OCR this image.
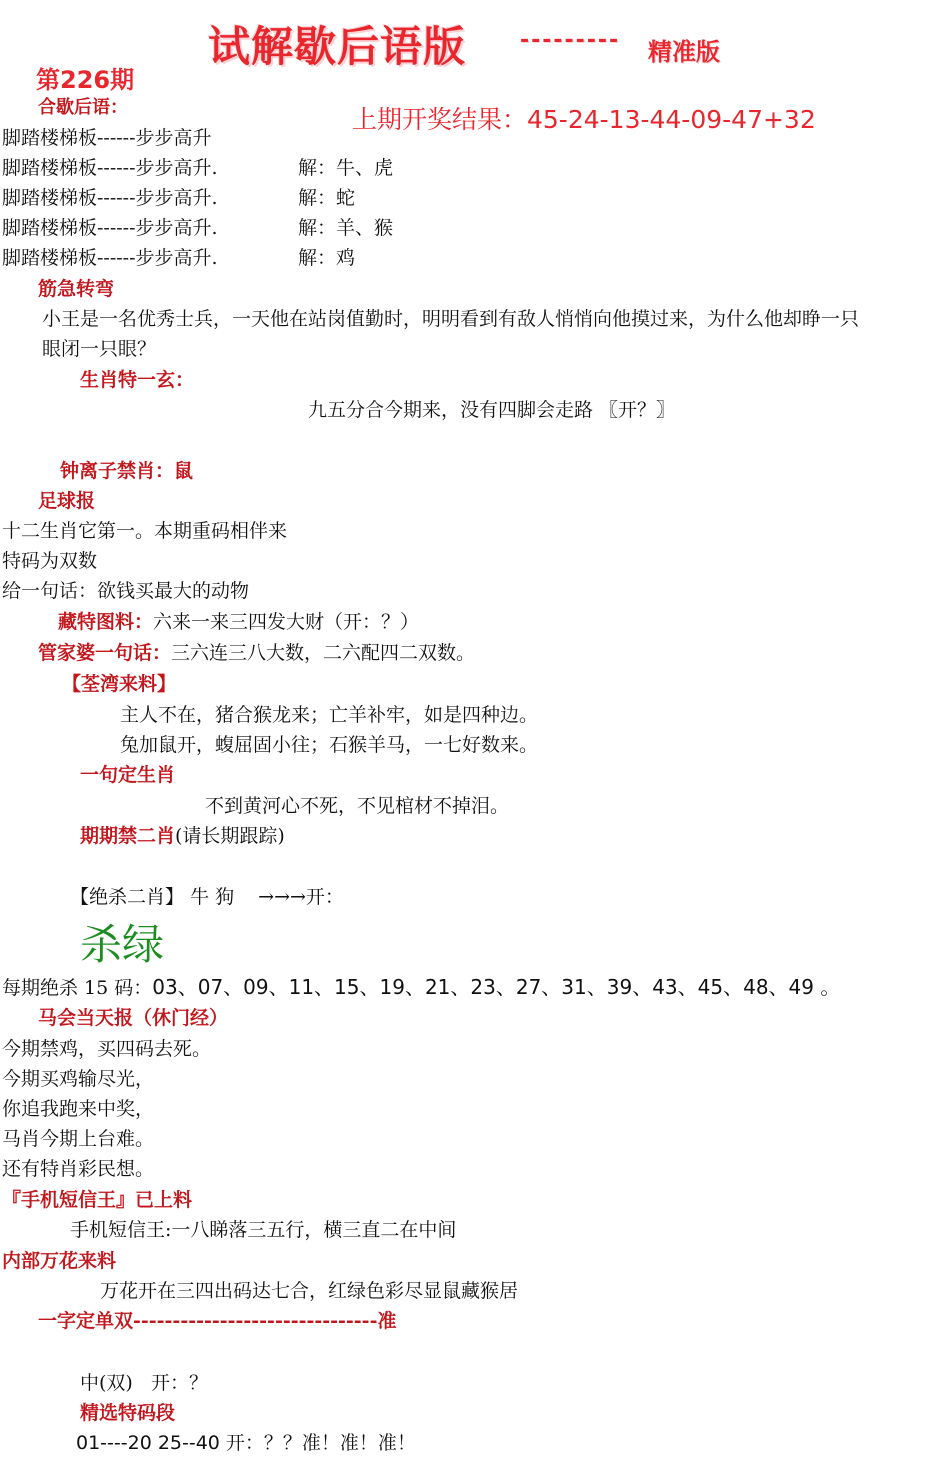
试解歇后语版 --------- 精准版
第226期
上期开奖结果：45-24-13-44-09-47+32
合歇后语：
脚踏楼梯板------步步高升
脚踏楼梯板------步步高升.	解：牛、虎
脚踏楼梯板------步步高升.	解：蛇
脚踏楼梯板------步步高升.	解：羊、猴
脚踏楼梯板------步步高升.	解：鸡
筋急转弯
小王是一名优秀士兵，一天他在站岗值勤时，明明看到有敌人悄悄向他摸过来，为什么他却睁一只
眼闭一只眼？
生肖特一玄：
九五分合今期来，没有四脚会走路 〖开？〗
钟离子禁肖：鼠
足球报
十二生肖它第一。本期重码相伴来
特码为双数
给一句话：欲钱买最大的动物
藏特图料：六来一来三四发大财（开：？）
管家婆一句话：三六连三八大数，二六配四二双数。
【荃湾来料】
主人不在，猪合猴龙来；亡羊补牢，如是四种边。
兔加鼠开，蝮屈固小往；石猴羊马，一七好数来。
一句定生肖
不到黄河心不死，不见棺材不掉泪。
期期禁二肖(请长期跟踪)
【绝杀二肖】 牛 狗 →→→开：
杀绿
每期绝杀 15 码：03、07、09、11、15、19、21、23、27、31、39、43、45、48、49 。
马会当天报（休门经）
今期禁鸡，买四码去死。
今期买鸡输尽光，
你追我跑来中奖，
马肖今期上台难。
还有特肖彩民想。
『手机短信王』已上料
手机短信王:一八睇落三五行，横三直二在中间
内部万花来料
万花开在三四出码达七合，红绿色彩尽显鼠藏猴居
一字定单双-------------------------------准
中(双)   开：？
精选特码段
01----20 25--40 开：？？准！准！准！
